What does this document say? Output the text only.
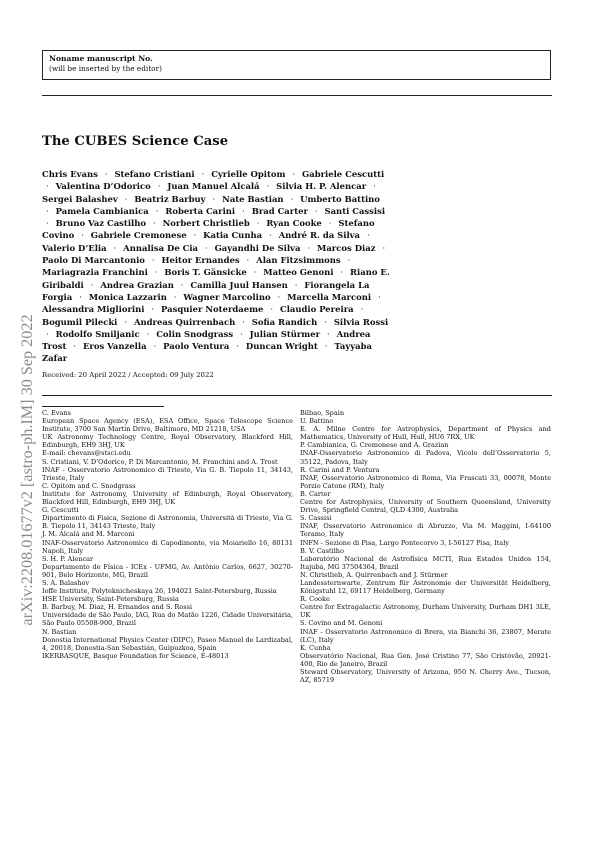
Noname manuscript No.
(will be inserted by the editor)
The CUBES Science Case
Chris Evans · Stefano Cristiani · Cyrielle Opitom · Gabriele Cescutti · Valentina D’Odorico · Juan Manuel Alcalá · Silvia H. P. Alencar · Sergei Balashev · Beatriz Barbuy · Nate Bastian · Umberto Battino · Pamela Cambianica · Roberta Carini · Brad Carter · Santi Cassisi · Bruno Vaz Castilho · Norbert Christlieb · Ryan Cooke · Stefano Covino · Gabriele Cremonese · Katia Cunha · André R. da Silva · Valerio D’Elia · Annalisa De Cia · Gayandhi De Silva · Marcos Diaz · Paolo Di Marcantonio · Heitor Ernandes · Alan Fitzsimmons · Mariagrazia Franchini · Boris T. Gänsicke · Matteo Genoni · Riano E. Giribaldi · Andrea Grazian · Camilla Juul Hansen · Fiorangela La Forgia · Monica Lazzarin · Wagner Marcolino · Marcella Marconi · Alessandra Migliorini · Pasquier Noterdaeme · Claudio Pereira · Bogumil Pilecki · Andreas Quirrenbach · Sofia Randich · Silvia Rossi · Rodolfo Smiljanic · Colin Snodgrass · Julian Stürmer · Andrea Trost · Eros Vanzella · Paolo Ventura · Duncan Wright · Tayyaba Zafar
Received: 20 April 2022 / Accepted: 09 July 2022

C. Evans

European Space Agency (ESA), ESA Office, Space Telescope Science Institute, 3700 San Martin Drive, Baltimore, MD 21218, USA

UK Astronomy Technology Centre, Royal Observatory, Blackford Hill, Edinburgh, EH9 3HJ, UK

E-mail: chevans@stsci.edu

S. Cristiani, V. D’Odorico, P. Di Marcantonio, M. Franchini and A. Trost

INAF - Osservatorio Astronomico di Trieste, Via G. B. Tiepolo 11, 34143, Trieste, Italy

C. Opitom and C. Snodgrass

Institute for Astronomy, University of Edinburgh, Royal Observatory, Blackford Hill, Edinburgh, EH9 3HJ, UK

G. Cescutti

Dipartimento di Fisica, Sezione di Astronomia, Università di Trieste, Via G. B. Tiepolo 11, 34143 Trieste, Italy

J. M. Alcalá and M. Marconi

INAF-Osservatorio Astronomico di Capodimonte, via Moiariello 16, 80131 Napoli, Italy

S. H. P. Alencar

Departamento de Física - ICEx - UFMG, Av. Antônio Carlos, 6627, 30270-901, Belo Horizonte, MG, Brazil

S. A. Balashev

Ioffe Institute, Polyteknicheskaya 26, 194021 Saint-Petersburg, Russia

HSE University, Saint-Petersburg, Russia

B. Barbuy, M. Diaz, H. Ernandes and S. Rossi

Universidade de São Paulo, IAG, Rua do Matão 1226, Cidade Universitária, São Paulo 05508-900, Brazil

N. Bastian

Donostia International Physics Center (DIPC), Paseo Manuel de Lardizabal, 4, 20018, Donostia-San Sebastián, Guipuzkoa, Spain

IKERBASQUE, Basque Foundation for Science, E-48013

Bilbao, Spain

U. Battino

E. A. Milne Centre for Astrophysics, Department of Physics and Mathematics, University of Hull, Hull, HU6 7RX, UK

P. Cambianica, G. Cremonese and A. Grazian

INAF-Osservatorio Astronomico di Padova, Vicolo dell’Osservatorio 5, 35122, Padova, Italy

R. Carini and P. Ventura

INAF, Osservatorio Astronomico di Roma, Via Frascati 33, 00078, Monte Porzio Catone (RM), Italy

B. Carter

Centre for Astrophysics, University of Southern Queensland, University Drive, Springfield Central, QLD 4300, Australia

S. Cassisi

INAF, Osservatorio Astronomico di Abruzzo, Via M. Maggini, I-64100 Teramo, Italy

INFN - Sezione di Pisa, Largo Pontecorvo 3, I-56127 Pisa, Italy

B. V. Castilho

Laboratório Nacional de Astrofísica MCTI, Rua Estados Unidos 154, Itajubá, MG 37504364, Brazil

N. Christlieb, A. Quirrenbach and J. Stürmer

Landessternwarte, Zentrum für Astronomie der Universität Heidelberg, Königstuhl 12, 69117 Heidelberg, Germany

R. Cooke

Centre for Extragalactic Astronomy, Durham University, Durham DH1 3LE, UK

S. Covino and M. Genoni

INAF - Osservatorio Astronomico di Brera, via Bianchi 36, 23807, Merate (LC), Italy

K. Cunha

Observatório Nacional, Rua Gen. José Cristino 77, São Cristóvão, 20921-400, Rio de Janeiro, Brazil

Steward Observatory, University of Arizona, 950 N. Cherry Ave., Tucson, AZ, 85719

arXiv:2208.01677v2 [astro-ph.IM] 30 Sep 2022
